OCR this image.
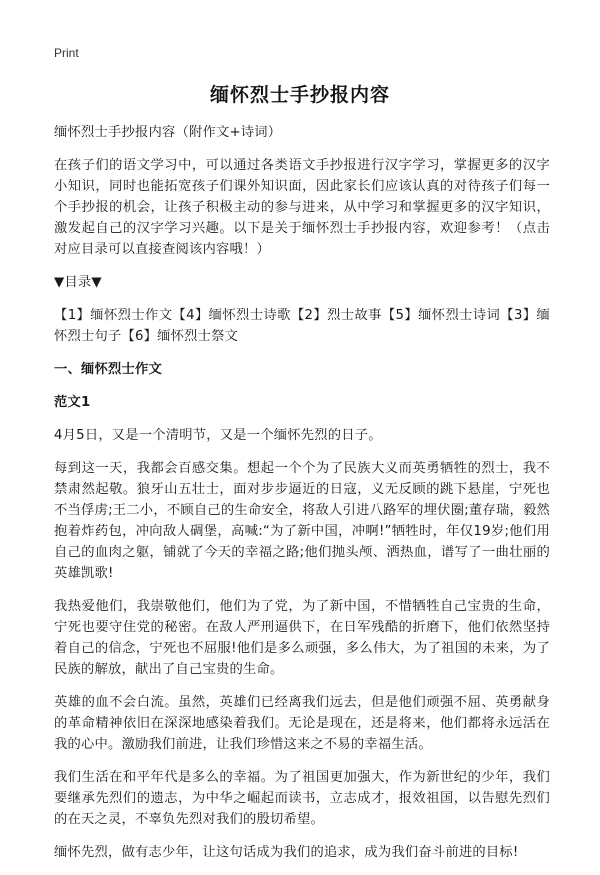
Print
缅怀烈士手抄报内容

缅怀烈士手抄报内容（附作文+诗词）

在孩子们的语文学习中，可以通过各类语文手抄报进行汉字学习，掌握更多的汉字小知识，同时也能拓宽孩子们课外知识面，因此家长们应该认真的对待孩子们每一个手抄报的机会，让孩子积极主动的参与进来，从中学习和掌握更多的汉字知识，激发起自己的汉字学习兴趣。以下是关于缅怀烈士手抄报内容，欢迎参考！（点击对应目录可以直接查阅该内容哦！）

▼目录▼

【1】缅怀烈士作文【4】缅怀烈士诗歌【2】烈士故事【5】缅怀烈士诗词【3】缅怀烈士句子【6】缅怀烈士祭文

一、缅怀烈士作文

范文1

4月5日，又是一个清明节，又是一个缅怀先烈的日子。

每到这一天，我都会百感交集。想起一个个为了民族大义而英勇牺牲的烈士，我不禁肃然起敬。狼牙山五壮士，面对步步逼近的日寇，义无反顾的跳下悬崖，宁死也不当俘虏;王二小，不顾自己的生命安全，将敌人引进八路军的埋伏圈;董存瑞，毅然抱着炸药包，冲向敌人碉堡，高喊:“为了新中国，冲啊!”牺牲时，年仅19岁;他们用自己的血肉之躯，铺就了今天的幸福之路;他们抛头颅、洒热血，谱写了一曲壮丽的英雄凯歌!

我热爱他们，我崇敬他们，他们为了党，为了新中国，不惜牺牲自己宝贵的生命，宁死也要守住党的秘密。在敌人严刑逼供下，在日军残酷的折磨下，他们依然坚持着自己的信念，宁死也不屈服!他们是多么顽强，多么伟大，为了祖国的未来，为了民族的解放，献出了自己宝贵的生命。

英雄的血不会白流。虽然，英雄们已经离我们远去，但是他们顽强不屈、英勇献身的革命精神依旧在深深地感染着我们。无论是现在，还是将来，他们都将永远活在我的心中。激励我们前进，让我们珍惜这来之不易的幸福生活。

我们生活在和平年代是多么的幸福。为了祖国更加强大，作为新世纪的少年，我们要继承先烈们的遗志，为中华之崛起而读书，立志成才，报效祖国，以告慰先烈们的在天之灵，不辜负先烈对我们的殷切希望。

缅怀先烈，做有志少年，让这句话成为我们的追求，成为我们奋斗前进的目标!
